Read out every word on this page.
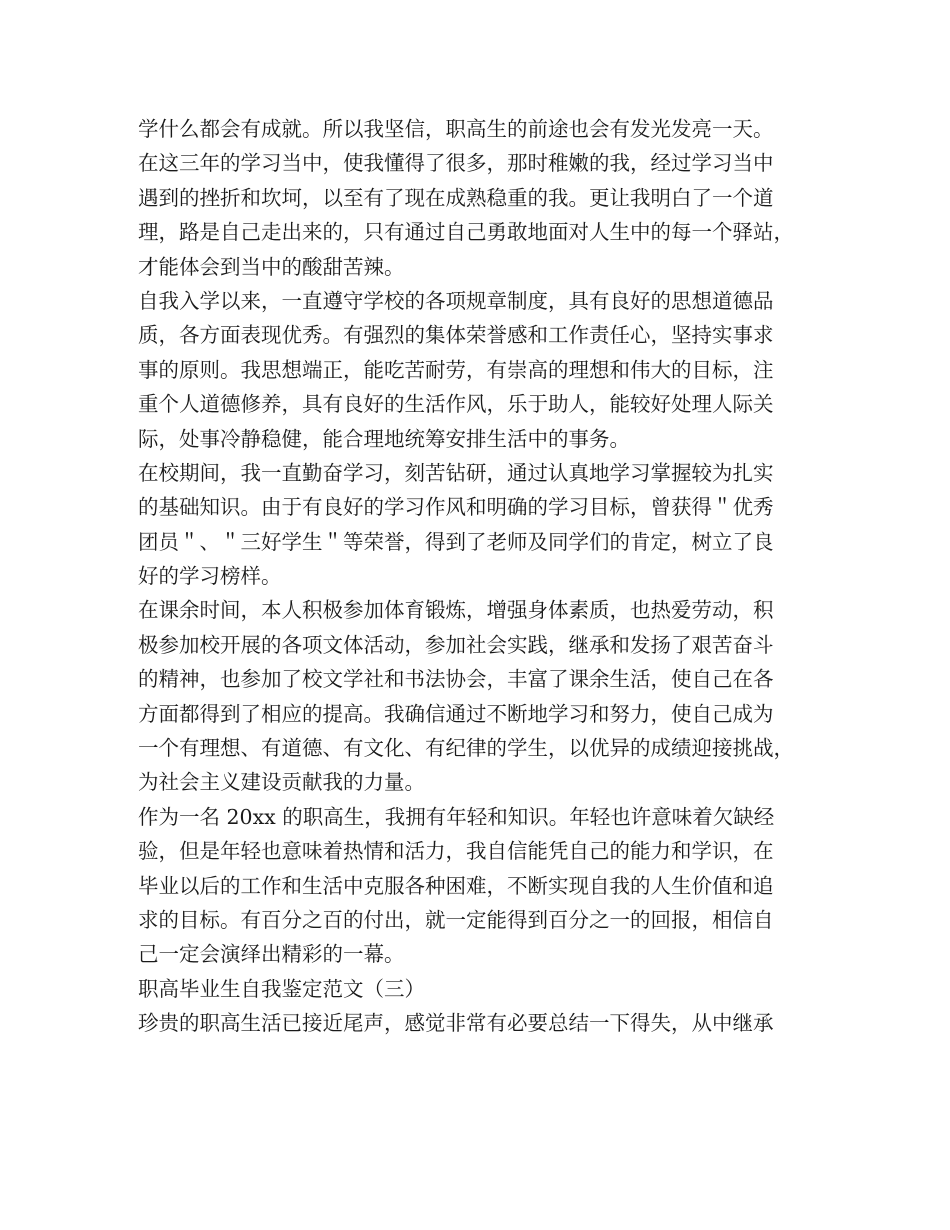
学什么都会有成就。所以我坚信，职高生的前途也会有发光发亮一天。
在这三年的学习当中，使我懂得了很多，那时稚嫩的我，经过学习当中
遇到的挫折和坎坷，以至有了现在成熟稳重的我。更让我明白了一个道
理，路是自己走出来的，只有通过自己勇敢地面对人生中的每一个驿站，
才能体会到当中的酸甜苦辣。
自我入学以来，一直遵守学校的各项规章制度，具有良好的思想道德品
质，各方面表现优秀。有强烈的集体荣誉感和工作责任心，坚持实事求
事的原则。我思想端正，能吃苦耐劳，有崇高的理想和伟大的目标，注
重个人道德修养，具有良好的生活作风，乐于助人，能较好处理人际关
际，处事冷静稳健，能合理地统筹安排生活中的事务。
在校期间，我一直勤奋学习，刻苦钻研，通过认真地学习掌握较为扎实
的基础知识。由于有良好的学习作风和明确的学习目标，曾获得＂优秀
团员＂、＂三好学生＂等荣誉，得到了老师及同学们的肯定，树立了良
好的学习榜样。
在课余时间，本人积极参加体育锻炼，增强身体素质，也热爱劳动，积
极参加校开展的各项文体活动，参加社会实践，继承和发扬了艰苦奋斗
的精神，也参加了校文学社和书法协会，丰富了课余生活，使自己在各
方面都得到了相应的提高。我确信通过不断地学习和努力，使自己成为
一个有理想、有道德、有文化、有纪律的学生，以优异的成绩迎接挑战，
为社会主义建设贡献我的力量。
作为一名 20xx 的职高生，我拥有年轻和知识。年轻也许意味着欠缺经
验，但是年轻也意味着热情和活力，我自信能凭自己的能力和学识，在
毕业以后的工作和生活中克服各种困难，不断实现自我的人生价值和追
求的目标。有百分之百的付出，就一定能得到百分之一的回报，相信自
己一定会演绎出精彩的一幕。
职高毕业生自我鉴定范文（三）
珍贵的职高生活已接近尾声，感觉非常有必要总结一下得失，从中继承
